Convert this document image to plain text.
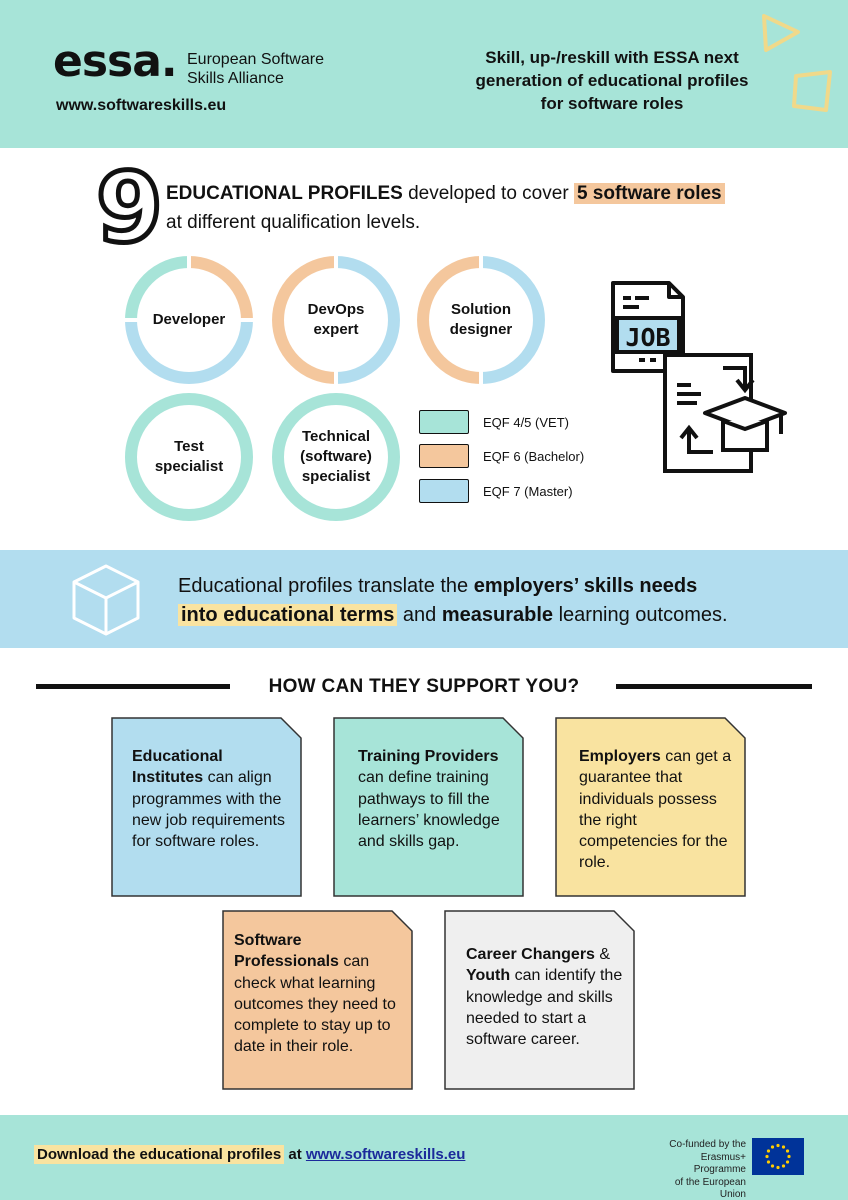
essa. European Software
Skills Alliance
www.softwareskills.eu
Skill, up-/reskill with ESSA next
generation of educational profiles
for software roles
9 EDUCATIONAL PROFILES developed to cover 5 software roles
at different qualification levels.
Developer
DevOps
expert
Solution
designer
Test
specialist
Technical
(software)
specialist
EQF 4/5 (VET)
EQF 6 (Bachelor)
EQF 7 (Master)
JOB
Educational profiles translate the employers’ skills needs
into educational terms and measurable learning outcomes.
HOW CAN THEY SUPPORT YOU?
Educational Institutes can align programmes with the new job requirements for software roles.
Training Providers can define training pathways to fill the learners’ knowledge and skills gap.
Employers can get a guarantee that individuals possess the right competencies for the role.
Software Professionals can check what learning outcomes they need to complete to stay up to date in their role.
Career Changers & Youth can identify the knowledge and skills needed to start a software career.
Download the educational profiles at www.softwareskills.eu
Co-funded by the
Erasmus+ Programme
of the European Union
